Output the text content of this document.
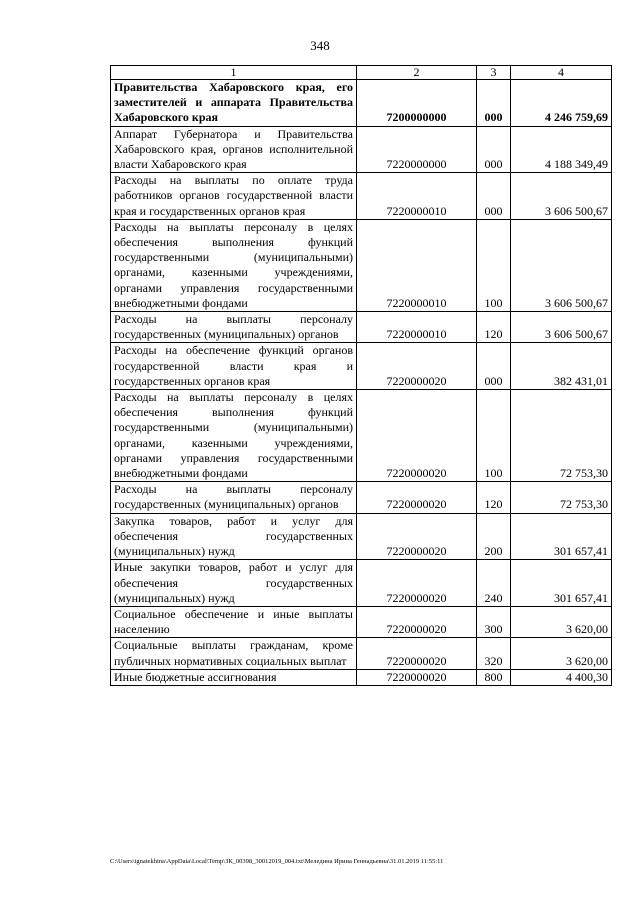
348
1	2	3	4
Правительства Хабаровского края, его заместителей и аппарата Правительства Хабаровского края	7200000000	000	4 246 759,69
Аппарат Губернатора и Правительства Хабаровского края, органов исполнительной власти Хабаровского края	7220000000	000	4 188 349,49
Расходы на выплаты по оплате труда работников органов государственной власти края и государственных органов края	7220000010	000	3 606 500,67
Расходы на выплаты персоналу в целях обеспечения выполнения функций государственными (муниципальными) органами, казенными учреждениями, органами управления государственными внебюджетными фондами	7220000010	100	3 606 500,67
Расходы на выплаты персоналу государственных (муниципальных) органов	7220000010	120	3 606 500,67
Расходы на обеспечение функций органов государственной власти края и государственных органов края	7220000020	000	382 431,01
Расходы на выплаты персоналу в целях обеспечения выполнения функций государственными (муниципальными) органами, казенными учреждениями, органами управления государственными внебюджетными фондами	7220000020	100	72 753,30
Расходы на выплаты персоналу государственных (муниципальных) органов	7220000020	120	72 753,30
Закупка товаров, работ и услуг для обеспечения государственных (муниципальных) нужд	7220000020	200	301 657,41
Иные закупки товаров, работ и услуг для обеспечения государственных (муниципальных) нужд	7220000020	240	301 657,41
Социальное обеспечение и иные выплаты населению	7220000020	300	3 620,00
Социальные выплаты гражданам, кроме публичных нормативных социальных выплат	7220000020	320	3 620,00
Иные бюджетные ассигнования	7220000020	800	4 400,30
C:\Users\ignatekhina\AppData\Local\Temp\ЗК_00398_30012019_004.txt\Меледина Ирина Геннадьевна\31.01.2019 11:55:11
